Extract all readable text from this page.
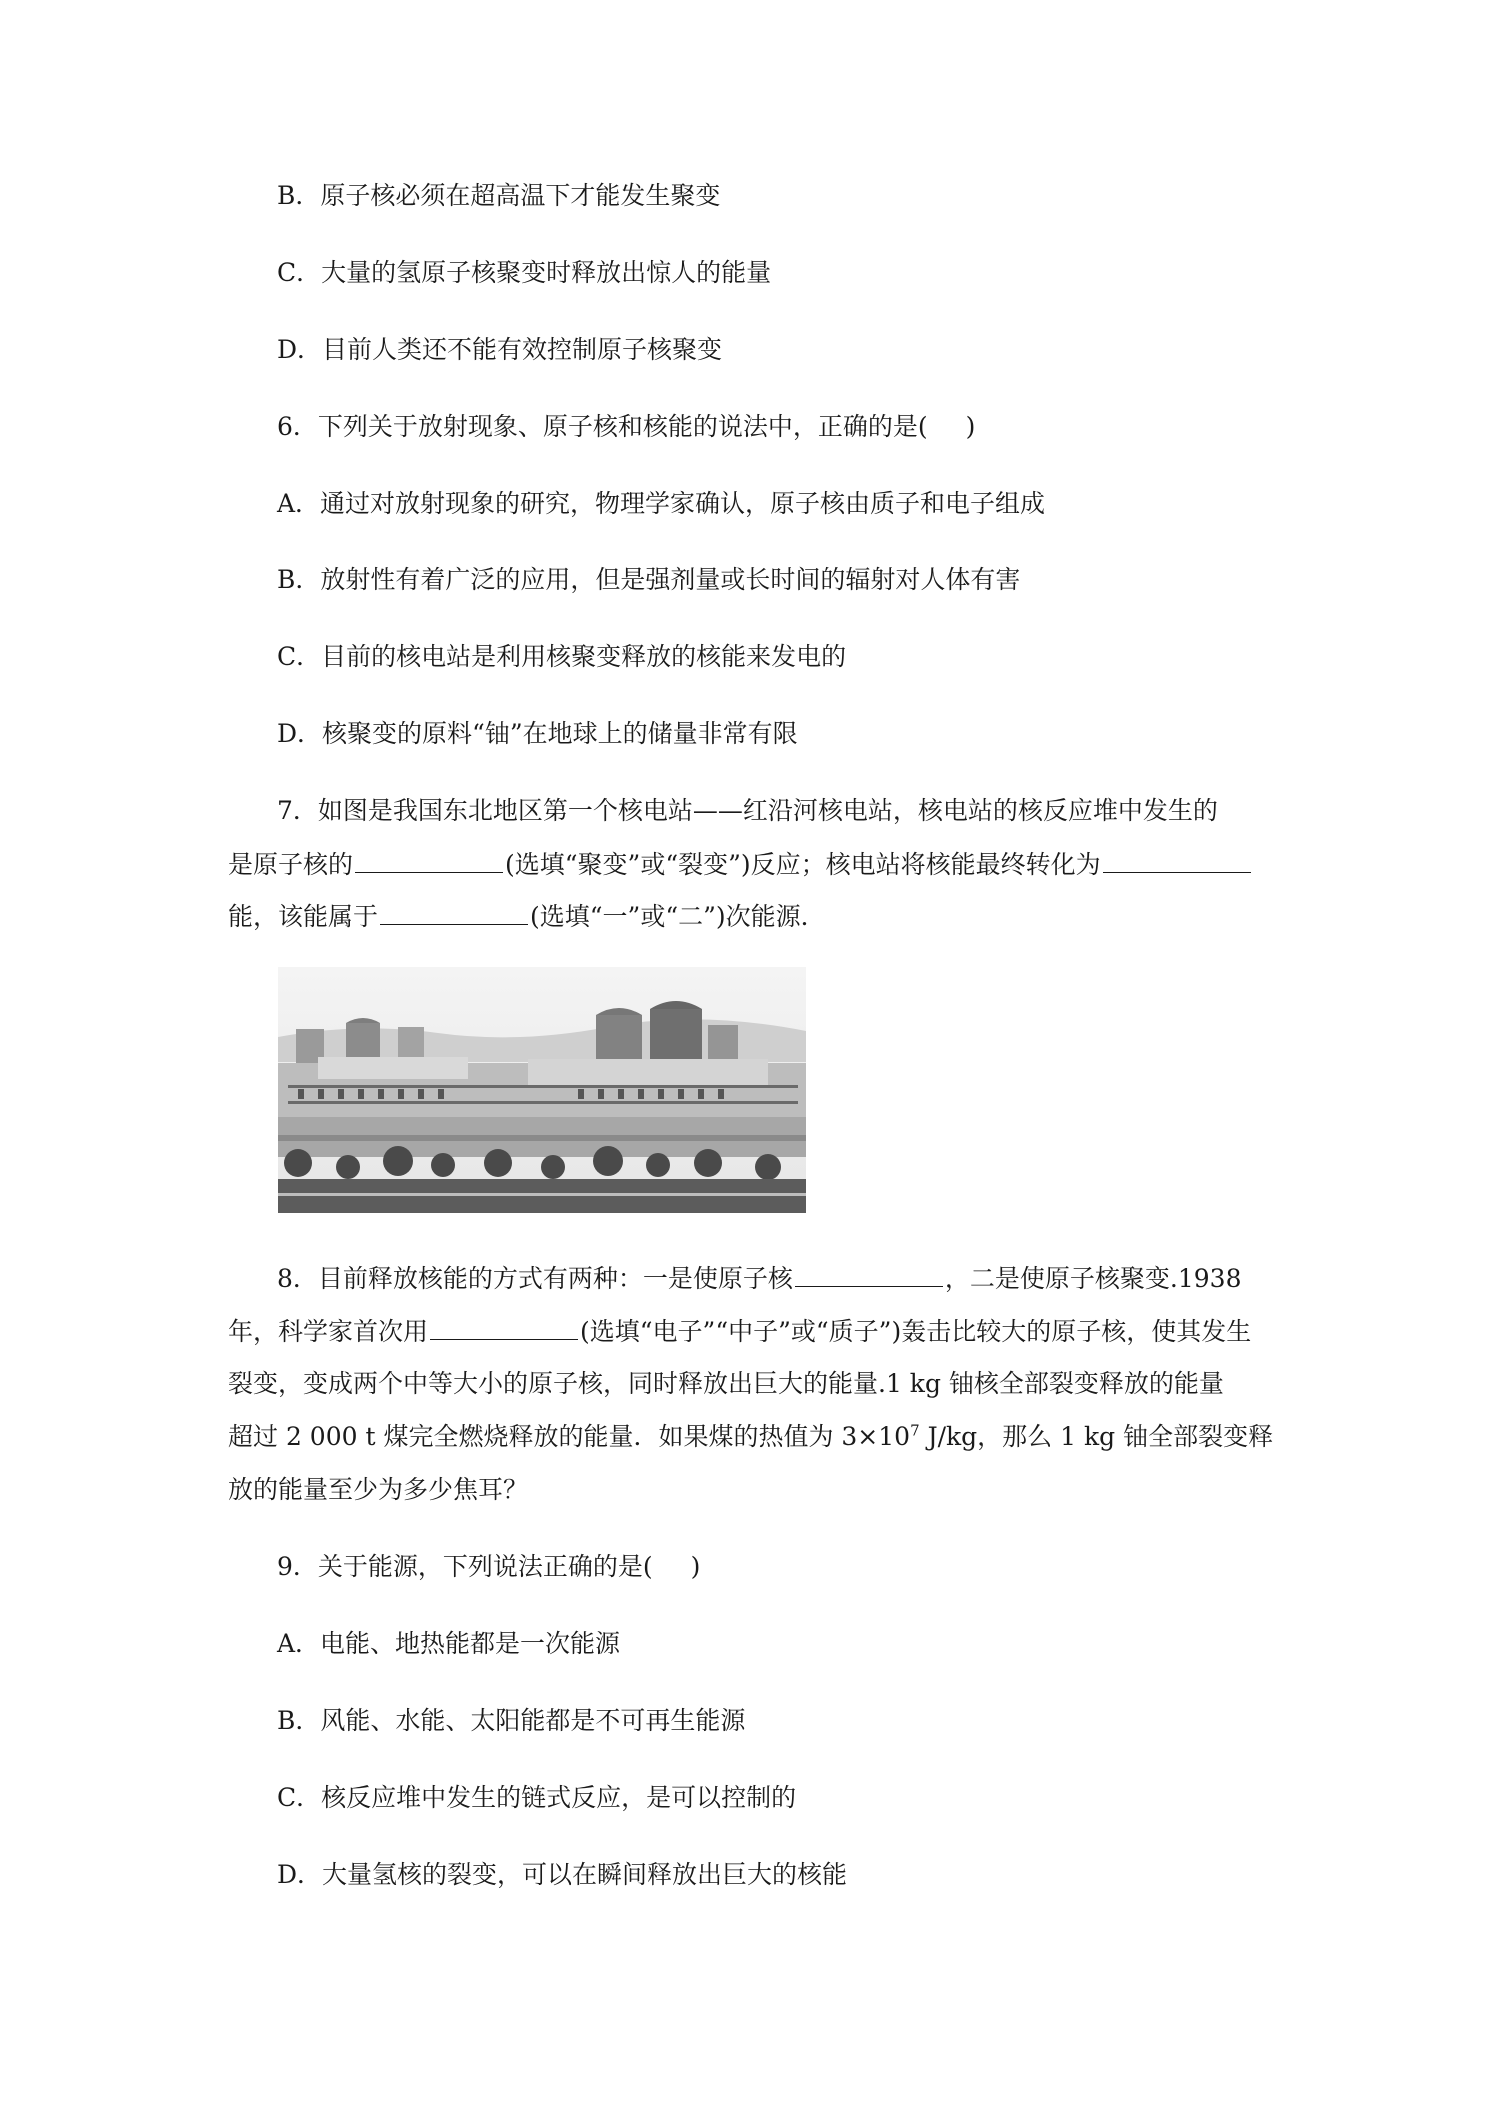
B．原子核必须在超高温下才能发生聚变
C．大量的氢原子核聚变时释放出惊人的能量
D．目前人类还不能有效控制原子核聚变
6．下列关于放射现象、原子核和核能的说法中，正确的是( )
A．通过对放射现象的研究，物理学家确认，原子核由质子和电子组成
B．放射性有着广泛的应用，但是强剂量或长时间的辐射对人体有害
C．目前的核电站是利用核聚变释放的核能来发电的
D．核聚变的原料“铀”在地球上的储量非常有限
7．如图是我国东北地区第一个核电站——红沿河核电站，核电站的核反应堆中发生的
是原子核的	(选填“聚变”或“裂变”)反应；核电站将核能最终转化为
能，该能属于	(选填“一”或“二”)次能源．
8．目前释放核能的方式有两种：一是使原子核	，二是使原子核聚变.1938
年，科学家首次用	(选填“电子”“中子”或“质子”)轰击比较大的原子核，使其发生
裂变，变成两个中等大小的原子核，同时释放出巨大的能量.1 kg 铀核全部裂变释放的能量
超过 2 000 t 煤完全燃烧释放的能量．如果煤的热值为 $3\times 10^7$ J/kg，那么 1 kg 铀全部裂变释
放的能量至少为多少焦耳？
9．关于能源，下列说法正确的是( )
A．电能、地热能都是一次能源
B．风能、水能、太阳能都是不可再生能源
C．核反应堆中发生的链式反应，是可以控制的
D．大量氢核的裂变，可以在瞬间释放出巨大的核能
